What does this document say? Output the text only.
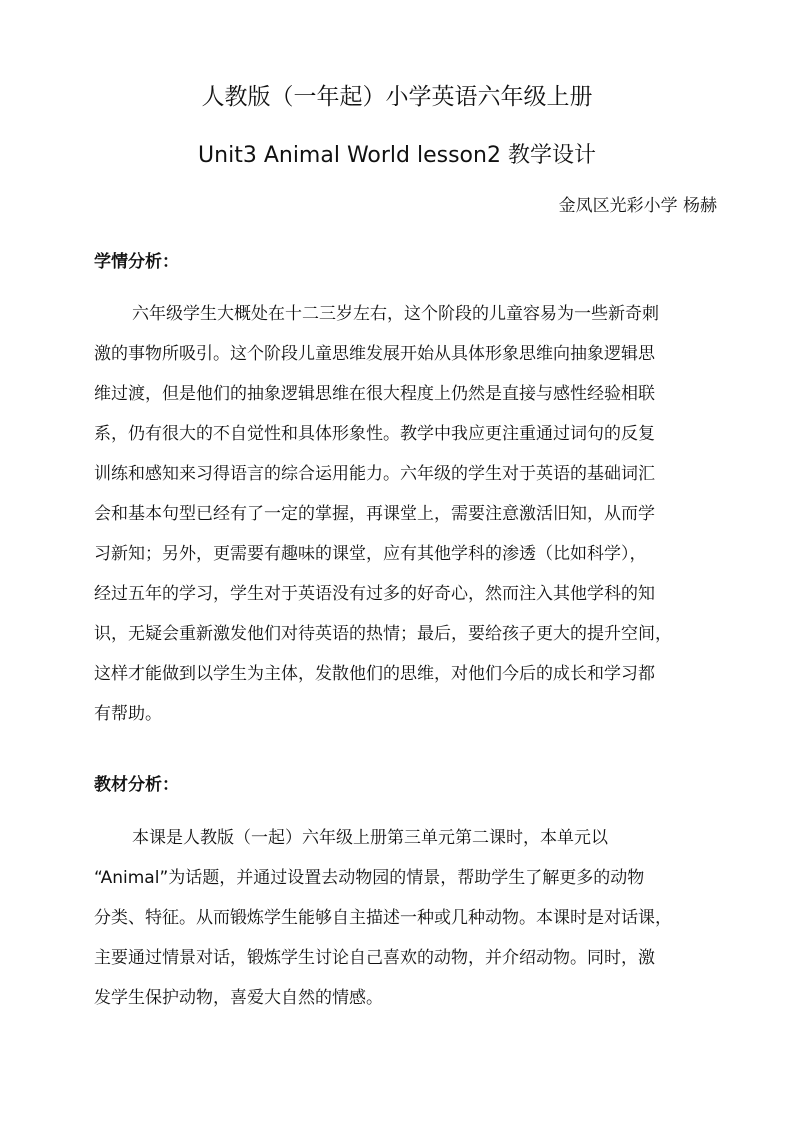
人教版（一年起）小学英语六年级上册
Unit3 Animal World lesson2 教学设计
金凤区光彩小学 杨赫
学情分析：
六年级学生大概处在十二三岁左右，这个阶段的儿童容易为一些新奇刺
激的事物所吸引。这个阶段儿童思维发展开始从具体形象思维向抽象逻辑思
维过渡，但是他们的抽象逻辑思维在很大程度上仍然是直接与感性经验相联
系，仍有很大的不自觉性和具体形象性。教学中我应更注重通过词句的反复
训练和感知来习得语言的综合运用能力。六年级的学生对于英语的基础词汇
会和基本句型已经有了一定的掌握，再课堂上，需要注意激活旧知，从而学
习新知；另外，更需要有趣味的课堂，应有其他学科的渗透（比如科学），
经过五年的学习，学生对于英语没有过多的好奇心，然而注入其他学科的知
识，无疑会重新激发他们对待英语的热情；最后，要给孩子更大的提升空间，
这样才能做到以学生为主体，发散他们的思维，对他们今后的成长和学习都
有帮助。
教材分析：
本课是人教版（一起）六年级上册第三单元第二课时，本单元以
“Animal”为话题，并通过设置去动物园的情景，帮助学生了解更多的动物
分类、特征。从而锻炼学生能够自主描述一种或几种动物。本课时是对话课，
主要通过情景对话，锻炼学生讨论自己喜欢的动物，并介绍动物。同时，激
发学生保护动物，喜爱大自然的情感。
